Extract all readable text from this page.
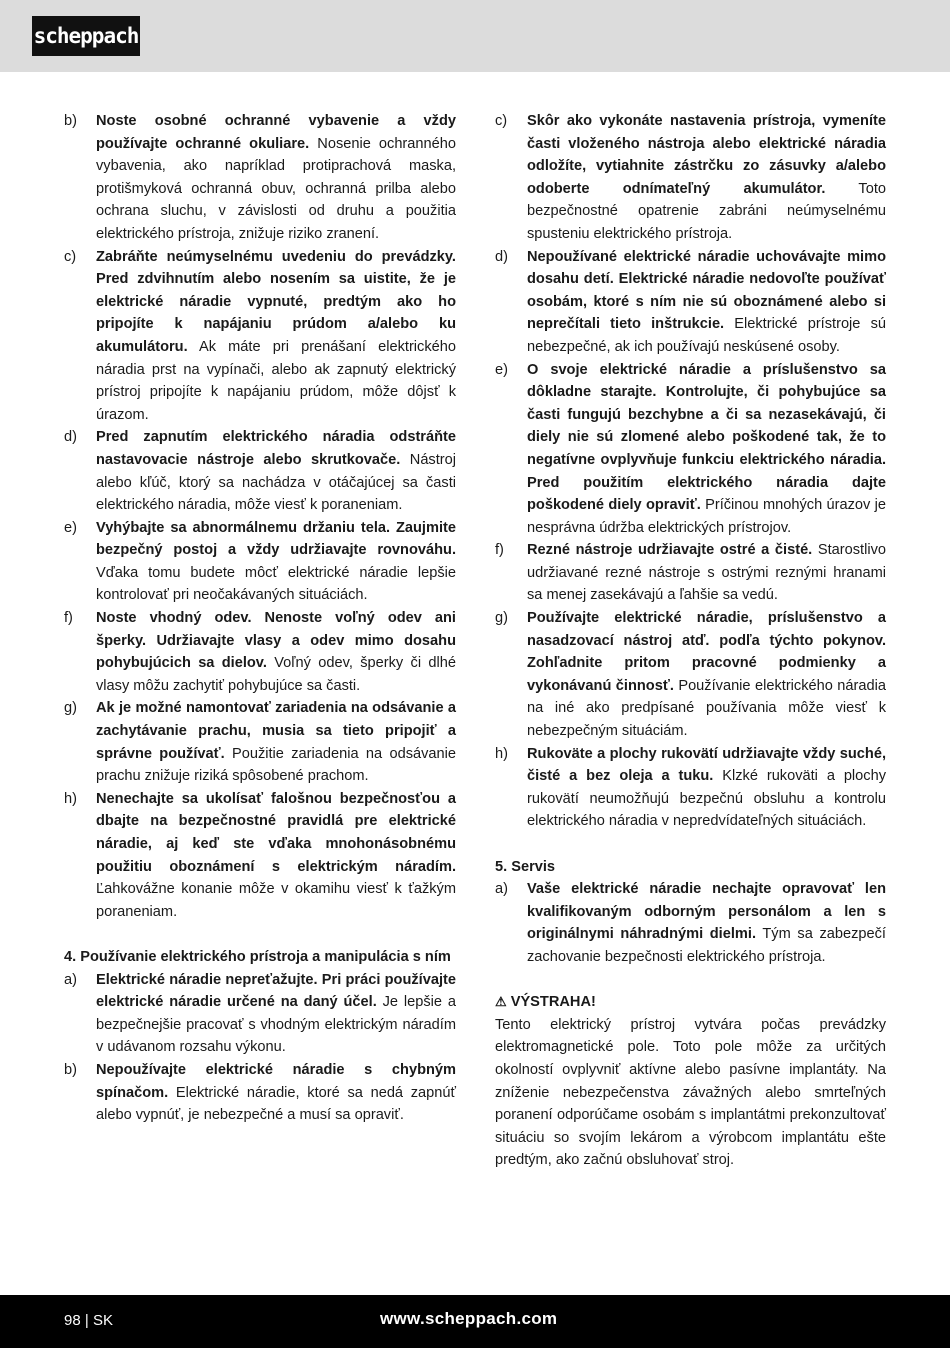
scheppach
b) Noste osobné ochranné vybavenie a vždy používajte ochranné okuliare. Nosenie ochranného vybavenia, ako napríklad protiprachová maska, protišmyková ochranná obuv, ochranná prilba alebo ochrana sluchu, v závislosti od druhu a použitia elektrického prístroja, znižuje riziko zranení.
c) Zabráňte neúmyselnému uvedeniu do prevádzky. Pred zdvihnutím alebo nosením sa uistite, že je elektrické náradie vypnuté, predtým ako ho pripojíte k napájaniu prúdom a/alebo ku akumulátoru. Ak máte pri prenášaní elektrického náradia prst na vypínači, alebo ak zapnutý elektrický prístroj pripojíte k napájaniu prúdom, môže dôjsť k úrazom.
d) Pred zapnutím elektrického náradia odstráňte nastavovacie nástroje alebo skrutkovače. Nástroj alebo kľúč, ktorý sa nachádza v otáčajúcej sa časti elektrického náradia, môže viesť k poraneniam.
e) Vyhýbajte sa abnormálnemu držaniu tela. Zaujmite bezpečný postoj a vždy udržiavajte rovnováhu. Vďaka tomu budete môcť elektrické náradie lepšie kontrolovať pri neočakávaných situáciách.
f) Noste vhodný odev. Nenoste voľný odev ani šperky. Udržiavajte vlasy a odev mimo dosahu pohybujúcich sa dielov. Voľný odev, šperky či dlhé vlasy môžu zachytiť pohybujúce sa časti.
g) Ak je možné namontovať zariadenia na odsávanie a zachytávanie prachu, musia sa tieto pripojiť a správne používať. Použitie zariadenia na odsávanie prachu znižuje riziká spôsobené prachom.
h) Nenechajte sa ukolísať falošnou bezpečnosťou a dbajte na bezpečnostné pravidlá pre elektrické náradie, aj keď ste vďaka mnohonásobnému použitiu oboznámení s elektrickým náradím. Ľahkovážne konanie môže v okamihu viesť k ťažkým poraneniam.
4. Používanie elektrického prístroja a manipulácia s ním
a) Elektrické náradie nepreťažujte. Pri práci používajte elektrické náradie určené na daný účel. Je lepšie a bezpečnejšie pracovať s vhodným elektrickým náradím v udávanom rozsahu výkonu.
b) Nepoužívajte elektrické náradie s chybným spínačom. Elektrické náradie, ktoré sa nedá zapnúť alebo vypnúť, je nebezpečné a musí sa opraviť.
c) Skôr ako vykonáte nastavenia prístroja, vymeníte časti vloženého nástroja alebo elektrické náradia odložíte, vytiahnite zástrčku zo zásuvky a/alebo odoberte odnímateľný akumulátor. Toto bezpečnostné opatrenie zabráni neúmyselnému spusteniu elektrického prístroja.
d) Nepoužívané elektrické náradie uchovávajte mimo dosahu detí. Elektrické náradie nedovoľte používať osobám, ktoré s ním nie sú oboznámené alebo si neprečítali tieto inštrukcie. Elektrické prístroje sú nebezpečné, ak ich používajú neskúsené osoby.
e) O svoje elektrické náradie a príslušenstvo sa dôkladne starajte. Kontrolujte, či pohybujúce sa časti fungujú bezchybne a či sa nezasekávajú, či diely nie sú zlomené alebo poškodené tak, že to negatívne ovplyvňuje funkciu elektrického náradia. Pred použitím elektrického náradia dajte poškodené diely opraviť. Príčinou mnohých úrazov je nesprávna údržba elektrických prístrojov.
f) Rezné nástroje udržiavajte ostré a čisté. Starostlivo udržiavané rezné nástroje s ostrými reznými hranami sa menej zasekávajú a ľahšie sa vedú.
g) Používajte elektrické náradie, príslušenstvo a nasadzovací nástroj atď. podľa týchto pokynov. Zohľadnite pritom pracovné podmienky a vykonávanú činnosť. Používanie elektrického náradia na iné ako predpísané používania môže viesť k nebezpečným situáciám.
h) Rukoväte a plochy rukovätí udržiavajte vždy suché, čisté a bez oleja a tuku. Klzké rukoväti a plochy rukovätí neumožňujú bezpečnú obsluhu a kontrolu elektrického náradia v nepredvídateľných situáciách.
5. Servis
a) Vaše elektrické náradie nechajte opravovať len kvalifikovaným odborným personálom a len s originálnymi náhradnými dielmi. Tým sa zabezpečí zachovanie bezpečnosti elektrického prístroja.
⚠ VÝSTRAHA!
Tento elektrický prístroj vytvára počas prevádzky elektromagnetické pole. Toto pole môže za určitých okolností ovplyvniť aktívne alebo pasívne implantáty. Na zníženie nebezpečenstva závažných alebo smrteľných poranení odporúčame osobám s implantátmi prekonzultovať situáciu so svojím lekárom a výrobcom implantátu ešte predtým, ako začnú obsluhovať stroj.
98 | SK	www.scheppach.com
